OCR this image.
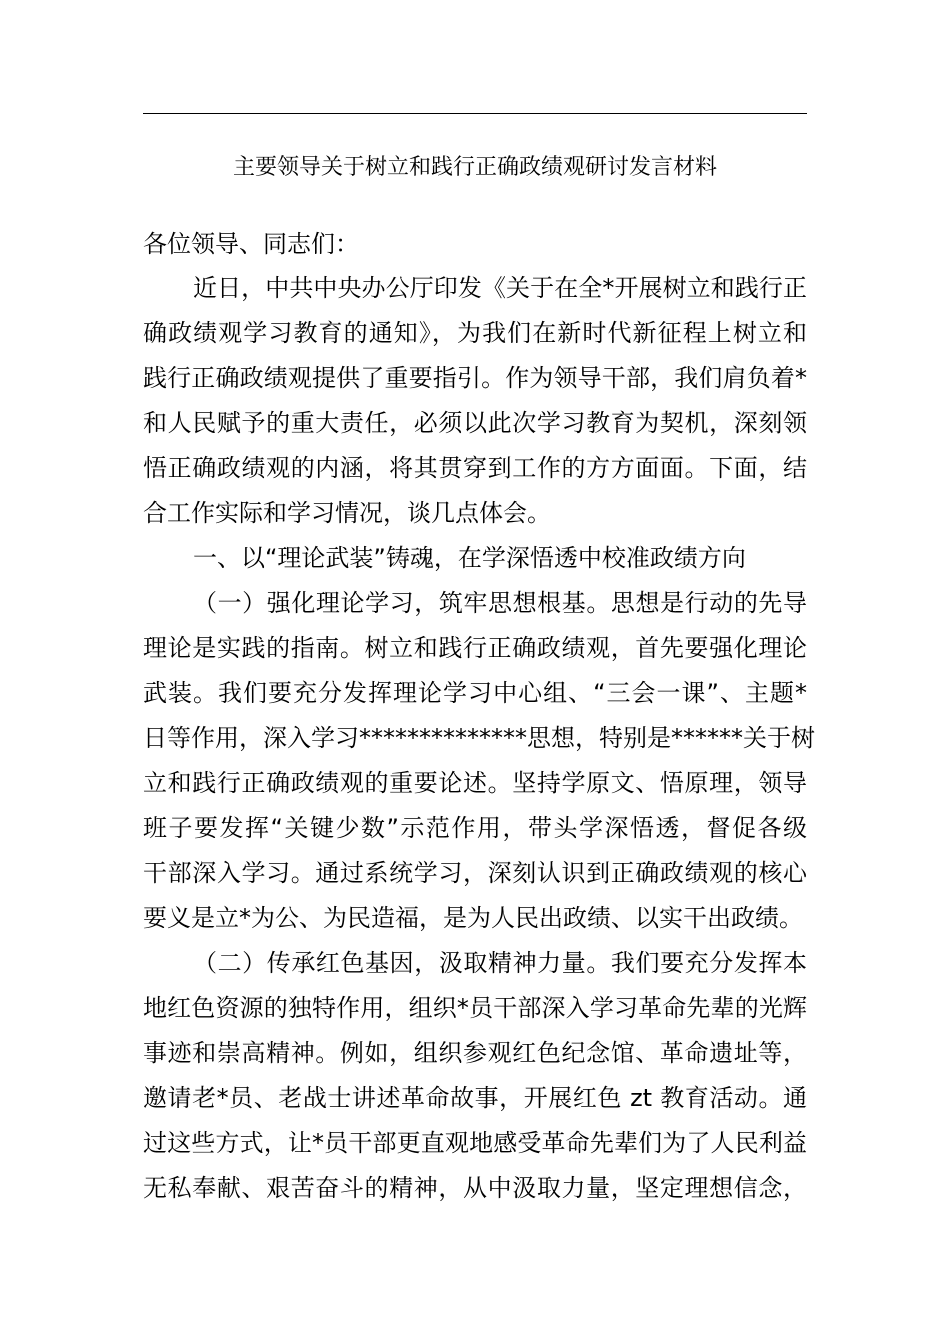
主要领导关于树立和践行正确政绩观研讨发言材料
各位领导、同志们：
近日，中共中央办公厅印发《关于在全*开展树立和践行正
确政绩观学习教育的通知》，为我们在新时代新征程上树立和
践行正确政绩观提供了重要指引。作为领导干部，我们肩负着*
和人民赋予的重大责任，必须以此次学习教育为契机，深刻领
悟正确政绩观的内涵，将其贯穿到工作的方方面面。下面，结
合工作实际和学习情况，谈几点体会。
一、以“理论武装”铸魂，在学深悟透中校准政绩方向
（一）强化理论学习，筑牢思想根基。思想是行动的先导
理论是实践的指南。树立和践行正确政绩观，首先要强化理论
武装。我们要充分发挥理论学习中心组、“三会一课”、主题*
日等作用，深入学习**************思想，特别是******关于树
立和践行正确政绩观的重要论述。坚持学原文、悟原理，领导
班子要发挥“关键少数”示范作用，带头学深悟透，督促各级
干部深入学习。通过系统学习，深刻认识到正确政绩观的核心
要义是立*为公、为民造福，是为人民出政绩、以实干出政绩。
（二）传承红色基因，汲取精神力量。我们要充分发挥本
地红色资源的独特作用，组织*员干部深入学习革命先辈的光辉
事迹和崇高精神。例如，组织参观红色纪念馆、革命遗址等，
邀请老*员、老战士讲述革命故事，开展红色 zt 教育活动。通
过这些方式，让*员干部更直观地感受革命先辈们为了人民利益
无私奉献、艰苦奋斗的精神，从中汲取力量，坚定理想信念，
